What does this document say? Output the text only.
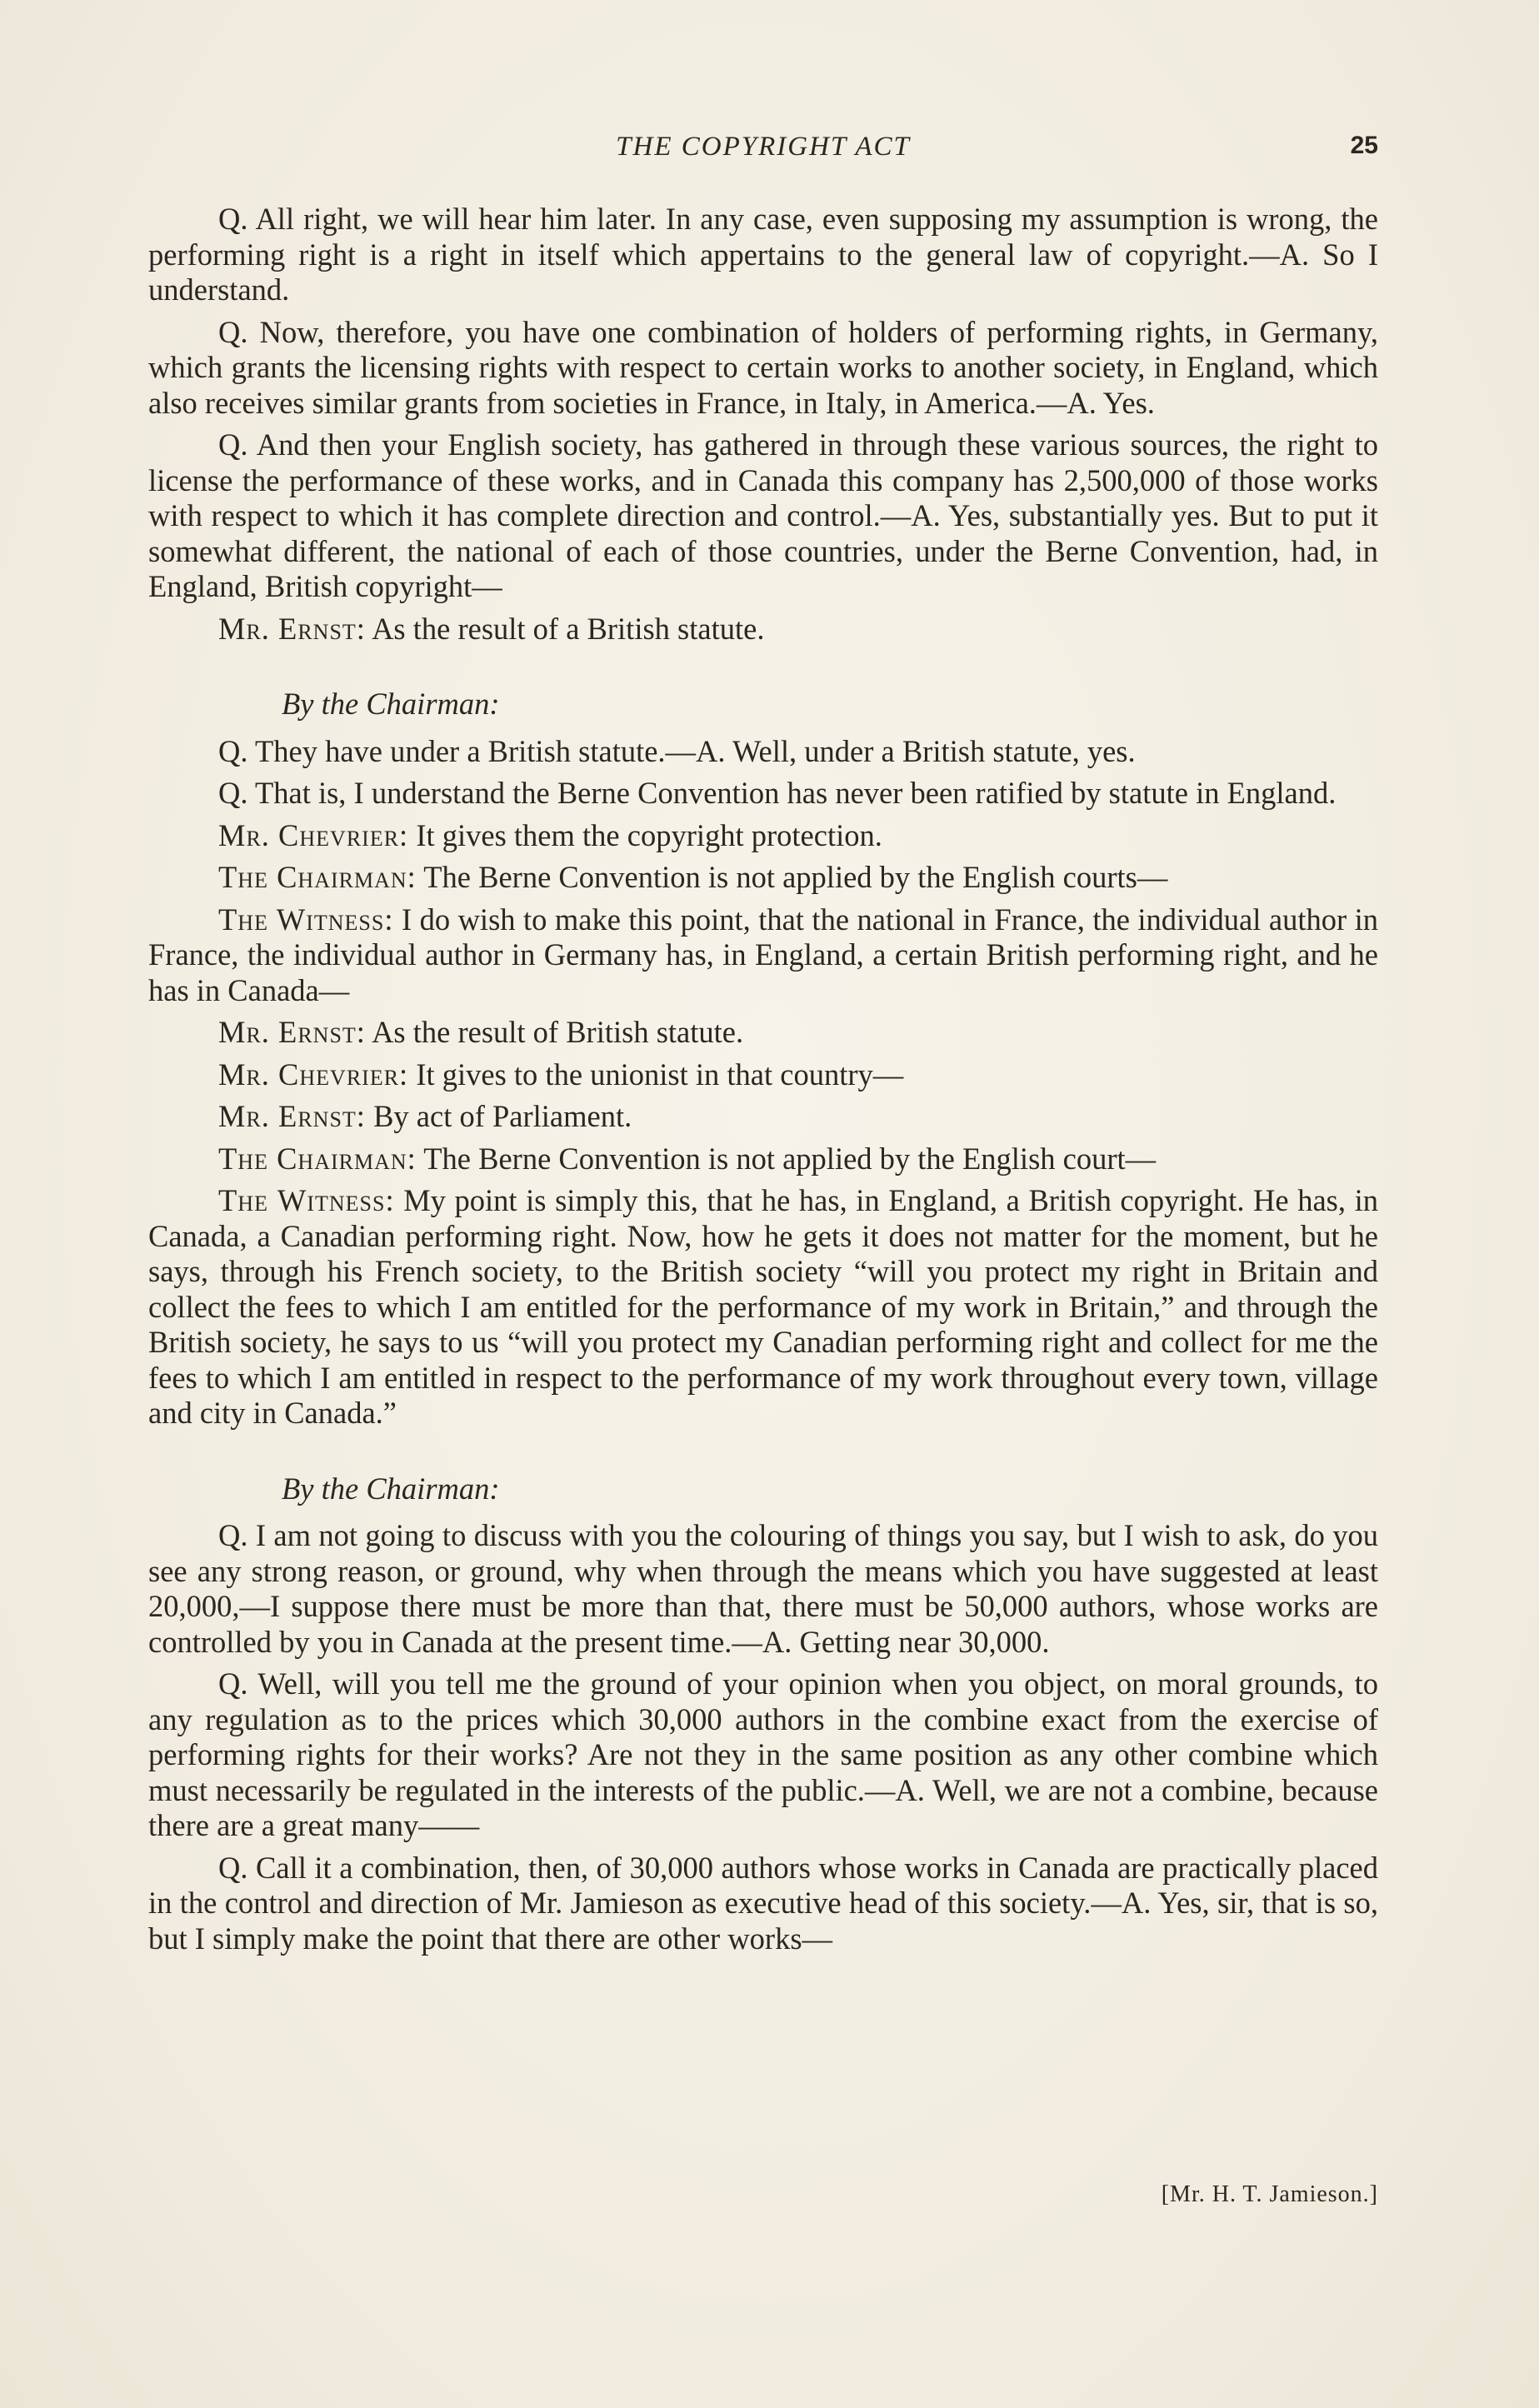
THE COPYRIGHT ACT	25

Q. All right, we will hear him later. In any case, even supposing my assumption is wrong, the performing right is a right in itself which appertains to the general law of copyright.—A. So I understand.

Q. Now, therefore, you have one combination of holders of performing rights, in Germany, which grants the licensing rights with respect to certain works to another society, in England, which also receives similar grants from societies in France, in Italy, in America.—A. Yes.

Q. And then your English society, has gathered in through these various sources, the right to license the performance of these works, and in Canada this company has 2,500,000 of those works with respect to which it has complete direction and control.—A. Yes, substantially yes. But to put it somewhat different, the national of each of those countries, under the Berne Convention, had, in England, British copyright—

Mr. Ernst: As the result of a British statute.

By the Chairman:

Q. They have under a British statute.—A. Well, under a British statute, yes.

Q. That is, I understand the Berne Convention has never been ratified by statute in England.

Mr. Chevrier: It gives them the copyright protection.

The Chairman: The Berne Convention is not applied by the English courts—

The Witness: I do wish to make this point, that the national in France, the individual author in France, the individual author in Germany has, in England, a certain British performing right, and he has in Canada—

Mr. Ernst: As the result of British statute.

Mr. Chevrier: It gives to the unionist in that country—

Mr. Ernst: By act of Parliament.

The Chairman: The Berne Convention is not applied by the English court—

The Witness: My point is simply this, that he has, in England, a British copyright. He has, in Canada, a Canadian performing right. Now, how he gets it does not matter for the moment, but he says, through his French society, to the British society “will you protect my right in Britain and collect the fees to which I am entitled for the performance of my work in Britain,” and through the British society, he says to us “will you protect my Canadian performing right and collect for me the fees to which I am entitled in respect to the performance of my work throughout every town, village and city in Canada.”

By the Chairman:

Q. I am not going to discuss with you the colouring of things you say, but I wish to ask, do you see any strong reason, or ground, why when through the means which you have suggested at least 20,000,—I suppose there must be more than that, there must be 50,000 authors, whose works are controlled by you in Canada at the present time.—A. Getting near 30,000.

Q. Well, will you tell me the ground of your opinion when you object, on moral grounds, to any regulation as to the prices which 30,000 authors in the combine exact from the exercise of performing rights for their works? Are not they in the same position as any other combine which must necessarily be regulated in the interests of the public.—A. Well, we are not a combine, because there are a great many——

Q. Call it a combination, then, of 30,000 authors whose works in Canada are practically placed in the control and direction of Mr. Jamieson as executive head of this society.—A. Yes, sir, that is so, but I simply make the point that there are other works—

[Mr. H. T. Jamieson.]
